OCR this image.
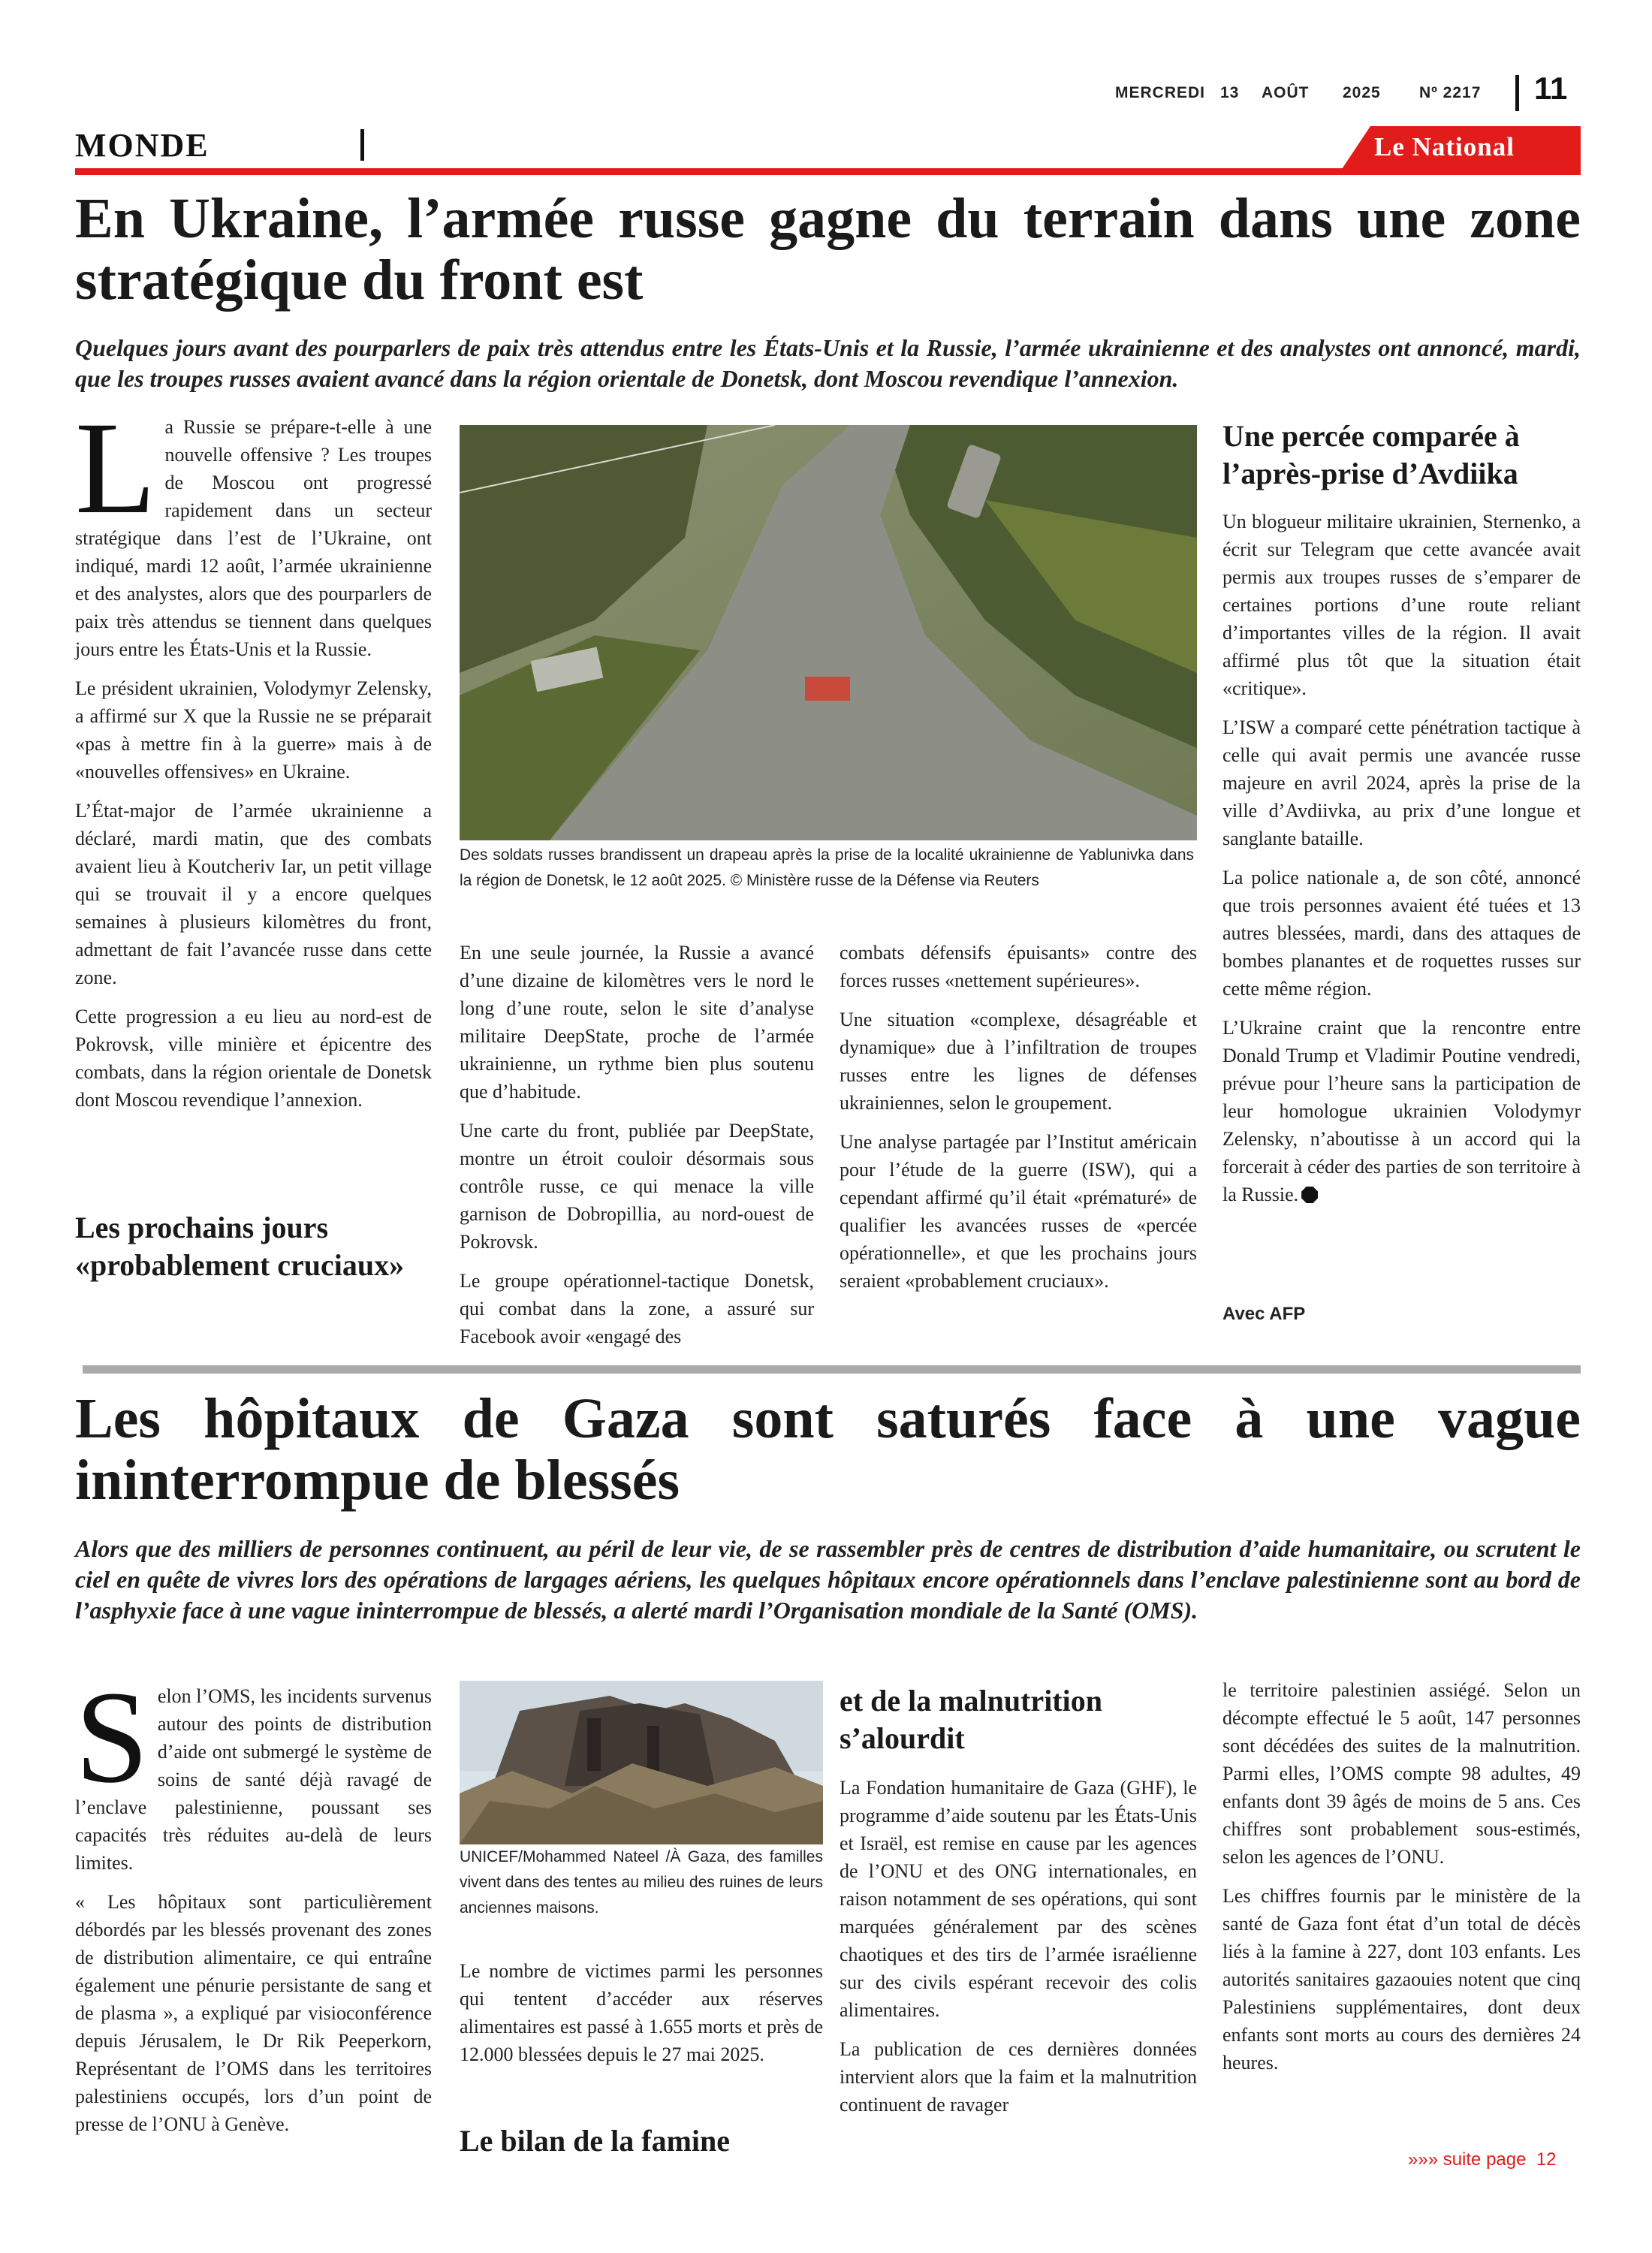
MERCREDI 13 AOÛT 2025 Nº 2217 11
MONDE	Le National
En Ukraine, l’armée russe gagne du terrain dans une zone stratégique du front est
Quelques jours avant des pourparlers de paix très attendus entre les États-Unis et la Russie, l’armée ukrainienne et des analystes ont annoncé, mardi, que les troupes russes avaient avancé dans la région orientale de Donetsk, dont Moscou revendique l’annexion.

La Russie se prépare-t-elle à une nouvelle offensive ? Les troupes de Moscou ont progressé rapidement dans un secteur stratégique dans l’est de l’Ukraine, ont indiqué, mardi 12 août, l’armée ukrainienne et des analystes, alors que des pourparlers de paix très attendus se tiennent dans quelques jours entre les États-Unis et la Russie.

Le président ukrainien, Volodymyr Zelensky, a affirmé sur X que la Russie ne se préparait «pas à mettre fin à la guerre» mais à de «nouvelles offensives» en Ukraine.

L’État-major de l’armée ukrainienne a déclaré, mardi matin, que des combats avaient lieu à Koutcheriv Iar, un petit village qui se trouvait il y a encore quelques semaines à plusieurs kilomètres du front, admettant de fait l’avancée russe dans cette zone.

Cette progression a eu lieu au nord-est de Pokrovsk, ville minière et épicentre des combats, dans la région orientale de Donetsk dont Moscou revendique l’annexion.

Les prochains jours «probablement cruciaux»
Des soldats russes brandissent un drapeau après la prise de la localité ukrainienne de Yablunivka dans la région de Donetsk, le 12 août 2025. © Ministère russe de la Défense via Reuters

En une seule journée, la Russie a avancé d’une dizaine de kilomètres vers le nord le long d’une route, selon le site d’analyse militaire DeepState, proche de l’armée ukrainienne, un rythme bien plus soutenu que d’habitude.

Une carte du front, publiée par DeepState, montre un étroit couloir désormais sous contrôle russe, ce qui menace la ville garnison de Dobropillia, au nord-ouest de Pokrovsk.

Le groupe opérationnel-tactique Donetsk, qui combat dans la zone, a assuré sur Facebook avoir «engagé des

combats défensifs épuisants» contre des forces russes «nettement supérieures».

Une situation «complexe, désagréable et dynamique» due à l’infiltration de troupes russes entre les lignes de défenses ukrainiennes, selon le groupement.

Une analyse partagée par l’Institut américain pour l’étude de la guerre (ISW), qui a cependant affirmé qu’il était «prématuré» de qualifier les avancées russes de «percée opérationnelle», et que les prochains jours seraient «probablement cruciaux».

Une percée comparée à l’après-prise d’Avdiika

Un blogueur militaire ukrainien, Sternenko, a écrit sur Telegram que cette avancée avait permis aux troupes russes de s’emparer de certaines portions d’une route reliant d’importantes villes de la région. Il avait affirmé plus tôt que la situation était «critique».

L’ISW a comparé cette pénétration tactique à celle qui avait permis une avancée russe majeure en avril 2024, après la prise de la ville d’Avdiivka, au prix d’une longue et sanglante bataille.

La police nationale a, de son côté, annoncé que trois personnes avaient été tuées et 13 autres blessées, mardi, dans des attaques de bombes planantes et de roquettes russes sur cette même région.

L’Ukraine craint que la rencontre entre Donald Trump et Vladimir Poutine vendredi, prévue pour l’heure sans la participation de leur homologue ukrainien Volodymyr Zelensky, n’aboutisse à un accord qui la forcerait à céder des parties de son territoire à la Russie.

Avec AFP
Les hôpitaux de Gaza sont saturés face à une vague ininterrompue de blessés
Alors que des milliers de personnes continuent, au péril de leur vie, de se rassembler près de centres de distribution d’aide humanitaire, ou scrutent le ciel en quête de vivres lors des opérations de largages aériens, les quelques hôpitaux encore opérationnels dans l’enclave palestinienne sont au bord de l’asphyxie face à une vague ininterrompue de blessés, a alerté mardi l’Organisation mondiale de la Santé (OMS).

Selon l’OMS, les incidents survenus autour des points de distribution d’aide ont submergé le système de soins de santé déjà ravagé de l’enclave palestinienne, poussant ses capacités très réduites au-delà de leurs limites.

« Les hôpitaux sont particulièrement débordés par les blessés provenant des zones de distribution alimentaire, ce qui entraîne également une pénurie persistante de sang et de plasma », a expliqué par visioconférence depuis Jérusalem, le Dr Rik Peeperkorn, Représentant de l’OMS dans les territoires palestiniens occupés, lors d’un point de presse de l’ONU à Genève.

UNICEF/Mohammed Nateel /À Gaza, des familles vivent dans des tentes au milieu des ruines de leurs anciennes maisons.

Le nombre de victimes parmi les personnes qui tentent d’accéder aux réserves alimentaires est passé à 1.655 morts et près de 12.000 blessées depuis le 27 mai 2025.

Le bilan de la famine
et de la malnutrition s’alourdit

La Fondation humanitaire de Gaza (GHF), le programme d’aide soutenu par les États-Unis et Israël, est remise en cause par les agences de l’ONU et des ONG internationales, en raison notamment de ses opérations, qui sont marquées généralement par des scènes chaotiques et des tirs de l’armée israélienne sur des civils espérant recevoir des colis alimentaires.

La publication de ces dernières données intervient alors que la faim et la malnutrition continuent de ravager

le territoire palestinien assiégé. Selon un décompte effectué le 5 août, 147 personnes sont décédées des suites de la malnutrition. Parmi elles, l’OMS compte 98 adultes, 49 enfants dont 39 âgés de moins de 5 ans. Ces chiffres sont probablement sous-estimés, selon les agences de l’ONU.

Les chiffres fournis par le ministère de la santé de Gaza font état d’un total de décès liés à la famine à 227, dont 103 enfants. Les autorités sanitaires gazaouies notent que cinq Palestiniens supplémentaires, dont deux enfants sont morts au cours des dernières 24 heures.

»»» suite page 12
